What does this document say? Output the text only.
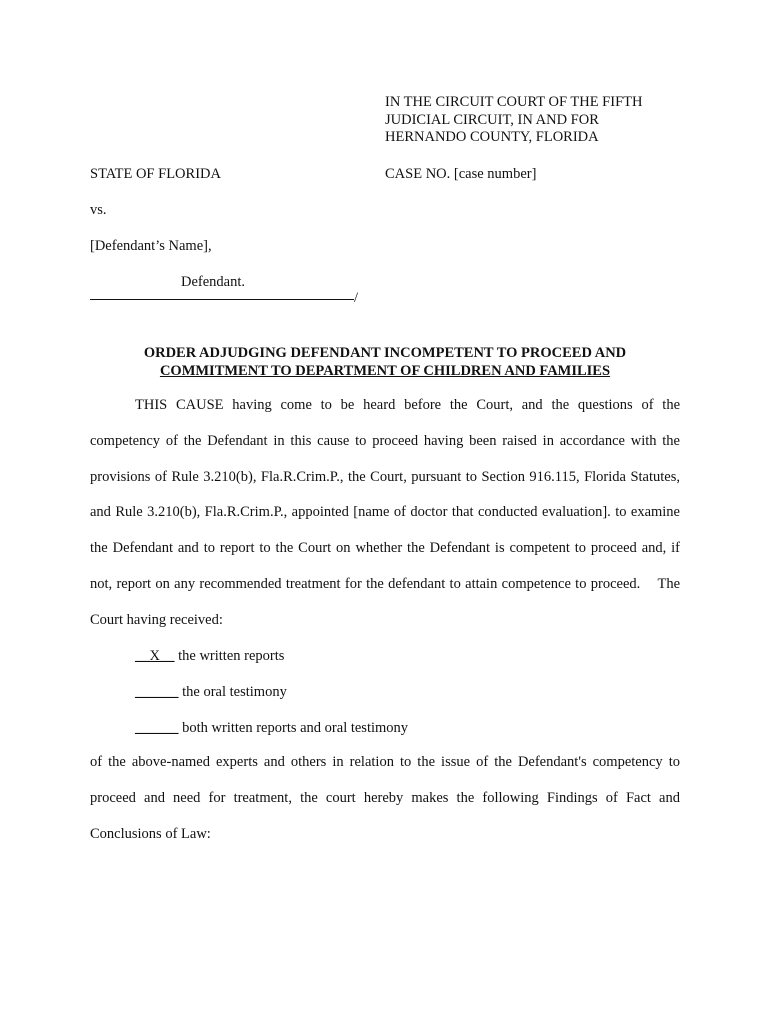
IN THE CIRCUIT COURT OF THE FIFTH
JUDICIAL CIRCUIT, IN AND FOR
HERNANDO COUNTY, FLORIDA
STATE OF FLORIDA	CASE NO. [case number]
vs.
[Defendant’s Name],
Defendant.
/
ORDER ADJUDGING DEFENDANT INCOMPETENT TO PROCEED AND
COMMITMENT TO DEPARTMENT OF CHILDREN AND FAMILIES
THIS CAUSE having come to be heard before the Court, and the questions of the competency of the Defendant in this cause to proceed having been raised in accordance with the provisions of Rule 3.210(b), Fla.R.Crim.P., the Court, pursuant to Section 916.115, Florida Statutes, and Rule 3.210(b), Fla.R.Crim.P., appointed [name of doctor that conducted evaluation]. to examine the Defendant and to report to the Court on whether the Defendant is competent to proceed and, if not, report on any recommended treatment for the defendant to attain competence to proceed. The Court having received:
__X__ the written reports
______ the oral testimony
______ both written reports and oral testimony
of the above-named experts and others in relation to the issue of the Defendant's competency to proceed and need for treatment, the court hereby makes the following Findings of Fact and Conclusions of Law:
